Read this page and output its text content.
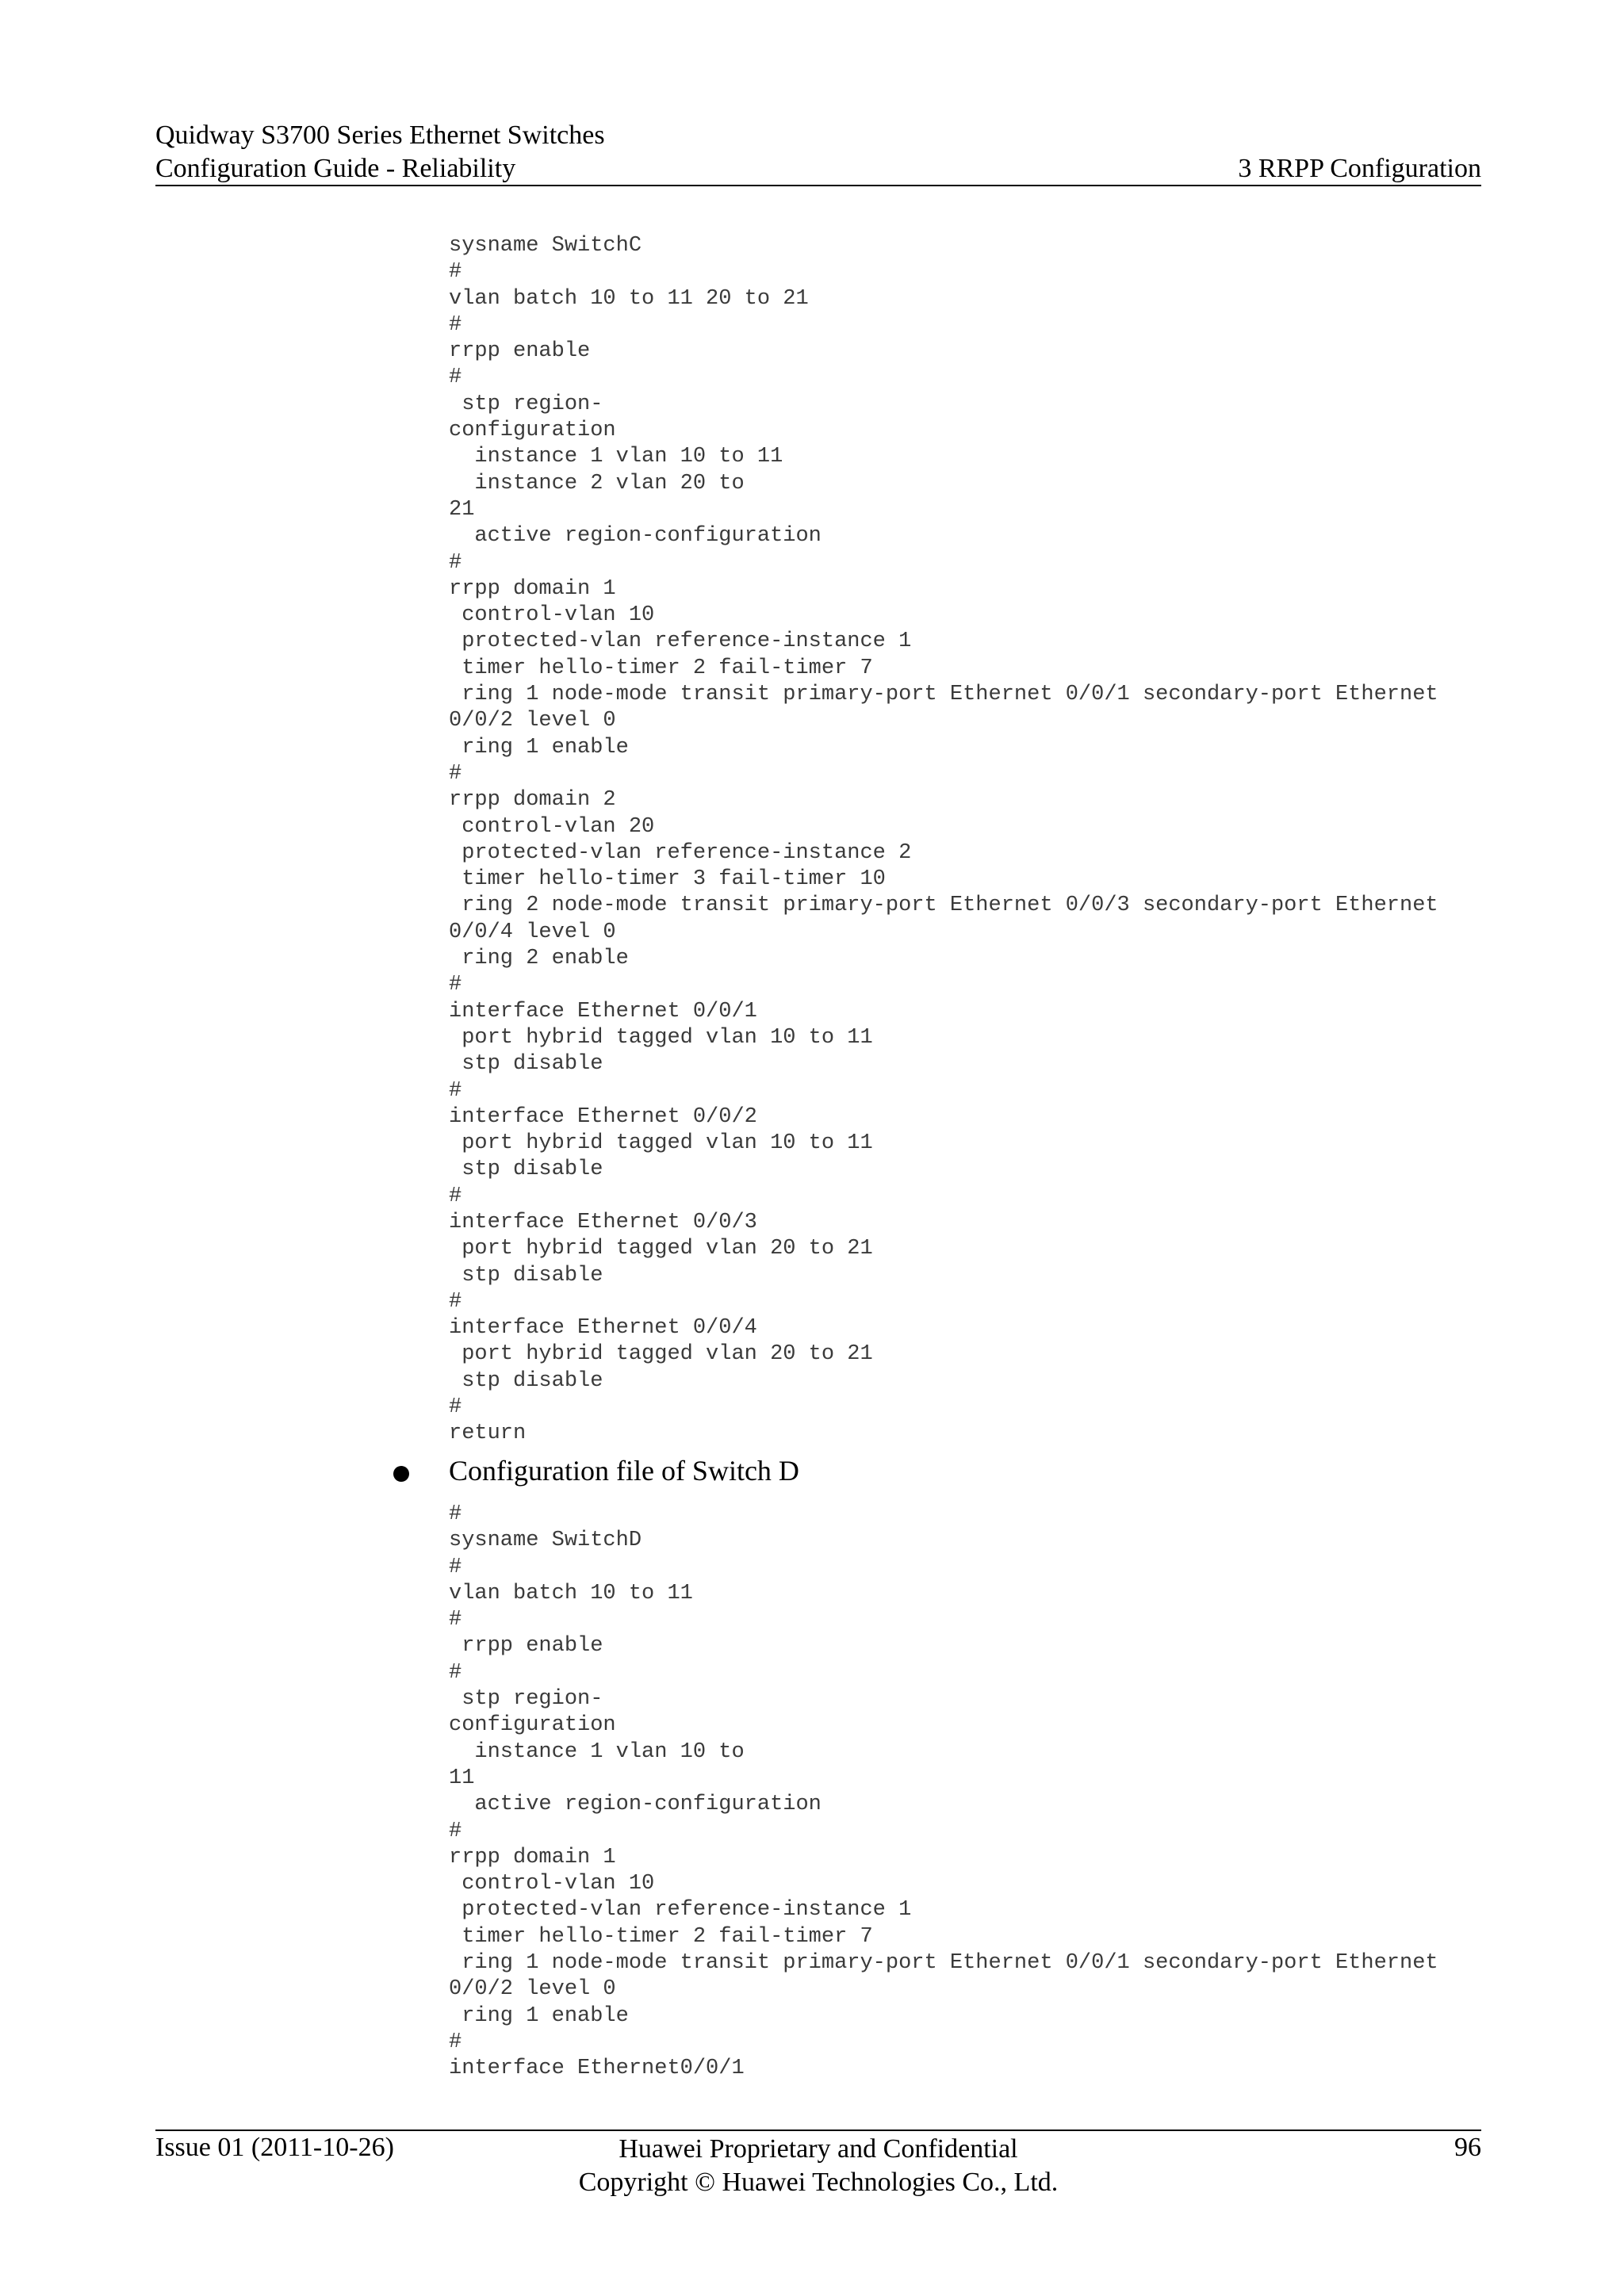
Quidway S3700 Series Ethernet Switches
Configuration Guide - Reliability	3 RRPP Configuration
sysname SwitchC
#
vlan batch 10 to 11 20 to 21
#
rrpp enable
#
stp region-
configuration
instance 1 vlan 10 to 11
instance 2 vlan 20 to
21
active region-configuration
#
rrpp domain 1
control-vlan 10
protected-vlan reference-instance 1
timer hello-timer 2 fail-timer 7
ring 1 node-mode transit primary-port Ethernet 0/0/1 secondary-port Ethernet
0/0/2 level 0
ring 1 enable
#
rrpp domain 2
control-vlan 20
protected-vlan reference-instance 2
timer hello-timer 3 fail-timer 10
ring 2 node-mode transit primary-port Ethernet 0/0/3 secondary-port Ethernet
0/0/4 level 0
ring 2 enable
#
interface Ethernet 0/0/1
port hybrid tagged vlan 10 to 11
stp disable
#
interface Ethernet 0/0/2
port hybrid tagged vlan 10 to 11
stp disable
#
interface Ethernet 0/0/3
port hybrid tagged vlan 20 to 21
stp disable
#
interface Ethernet 0/0/4
port hybrid tagged vlan 20 to 21
stp disable
#
return
Configuration file of Switch D
#
sysname SwitchD
#
vlan batch 10 to 11
#
rrpp enable
#
stp region-
configuration
instance 1 vlan 10 to
11
active region-configuration
#
rrpp domain 1
control-vlan 10
protected-vlan reference-instance 1
timer hello-timer 2 fail-timer 7
ring 1 node-mode transit primary-port Ethernet 0/0/1 secondary-port Ethernet
0/0/2 level 0
ring 1 enable
#
interface Ethernet0/0/1
Issue 01 (2011-10-26)	Huawei Proprietary and Confidential
Copyright © Huawei Technologies Co., Ltd.
96
